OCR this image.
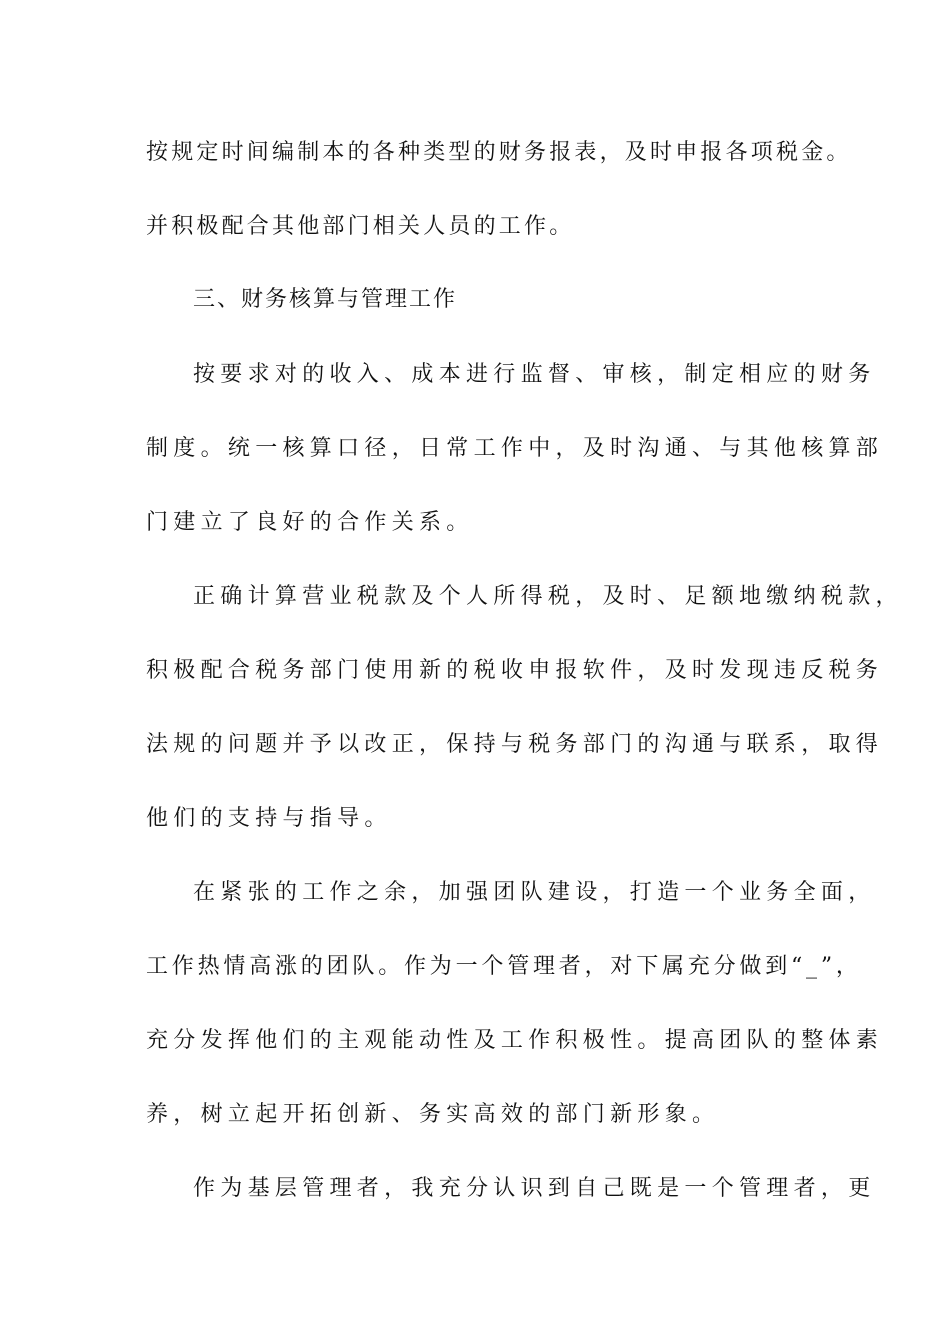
按规定时间编制本的各种类型的财务报表，及时申报各项税金。
并积极配合其他部门相关人员的工作。
三、财务核算与管理工作
按要求对的收入、成本进行监督、审核，制定相应的财务
制度。统一核算口径，日常工作中，及时沟通、与其他核算部
门建立了良好的合作关系。
正确计算营业税款及个人所得税，及时、足额地缴纳税款，
积极配合税务部门使用新的税收申报软件，及时发现违反税务
法规的问题并予以改正，保持与税务部门的沟通与联系，取得
他们的支持与指导。
在紧张的工作之余，加强团队建设，打造一个业务全面，
工作热情高涨的团队。作为一个管理者，对下属充分做到“_”，
充分发挥他们的主观能动性及工作积极性。提高团队的整体素
养，树立起开拓创新、务实高效的部门新形象。
作为基层管理者，我充分认识到自己既是一个管理者，更
